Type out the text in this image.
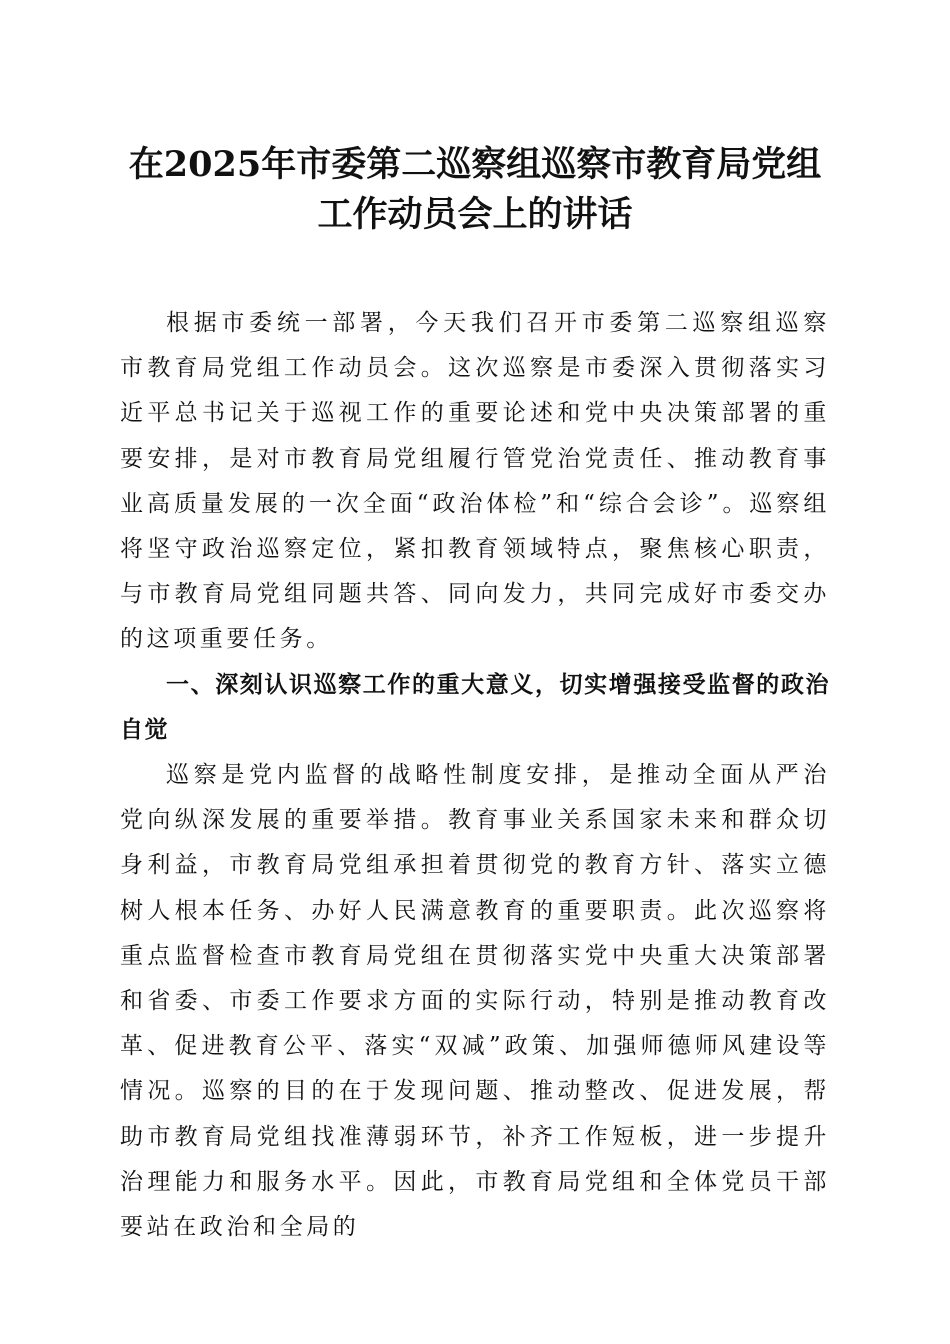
在2025年市委第二巡察组巡察市教育局党组
工作动员会上的讲话

根据市委统一部署，今天我们召开市委第二巡察组巡察市教育局党组工作动员会。这次巡察是市委深入贯彻落实习近平总书记关于巡视工作的重要论述和党中央决策部署的重要安排，是对市教育局党组履行管党治党责任、推动教育事业高质量发展的一次全面“政治体检”和“综合会诊”。巡察组将坚守政治巡察定位，紧扣教育领域特点，聚焦核心职责，与市教育局党组同题共答、同向发力，共同完成好市委交办的这项重要任务。

一、深刻认识巡察工作的重大意义，切实增强接受监督的政治自觉

巡察是党内监督的战略性制度安排，是推动全面从严治党向纵深发展的重要举措。教育事业关系国家未来和群众切身利益，市教育局党组承担着贯彻党的教育方针、落实立德树人根本任务、办好人民满意教育的重要职责。此次巡察将重点监督检查市教育局党组在贯彻落实党中央重大决策部署和省委、市委工作要求方面的实际行动，特别是推动教育改革、促进教育公平、落实“双减”政策、加强师德师风建设等情况。巡察的目的在于发现问题、推动整改、促进发展，帮助市教育局党组找准薄弱环节，补齐工作短板，进一步提升治理能力和服务水平。因此，市教育局党组和全体党员干部要站在政治和全局的
